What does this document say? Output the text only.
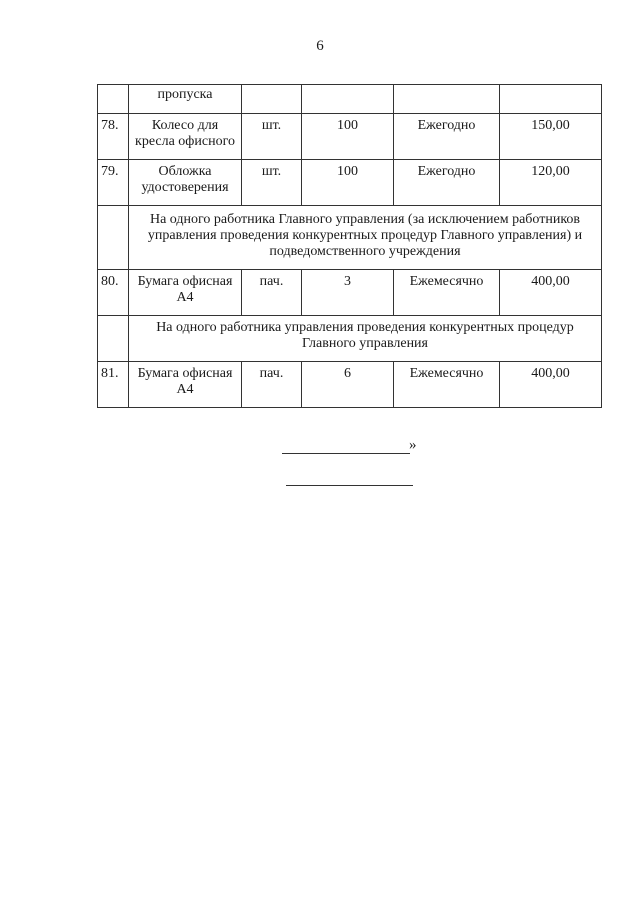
6
	пропуска				
78.	Колесо для кресла офисного	шт.	100	Ежегодно	150,00
79.	Обложка удостоверения	шт.	100	Ежегодно	120,00
	На одного работника Главного управления (за исключением работников управления проведения конкурентных процедур Главного управления) и подведомственного учреждения				
80.	Бумага офисная А4	пач.	3	Ежемесячно	400,00
	На одного работника управления проведения конкурентных процедур Главного управления				
81.	Бумага офисная А4	пач.	6	Ежемесячно	400,00
»
